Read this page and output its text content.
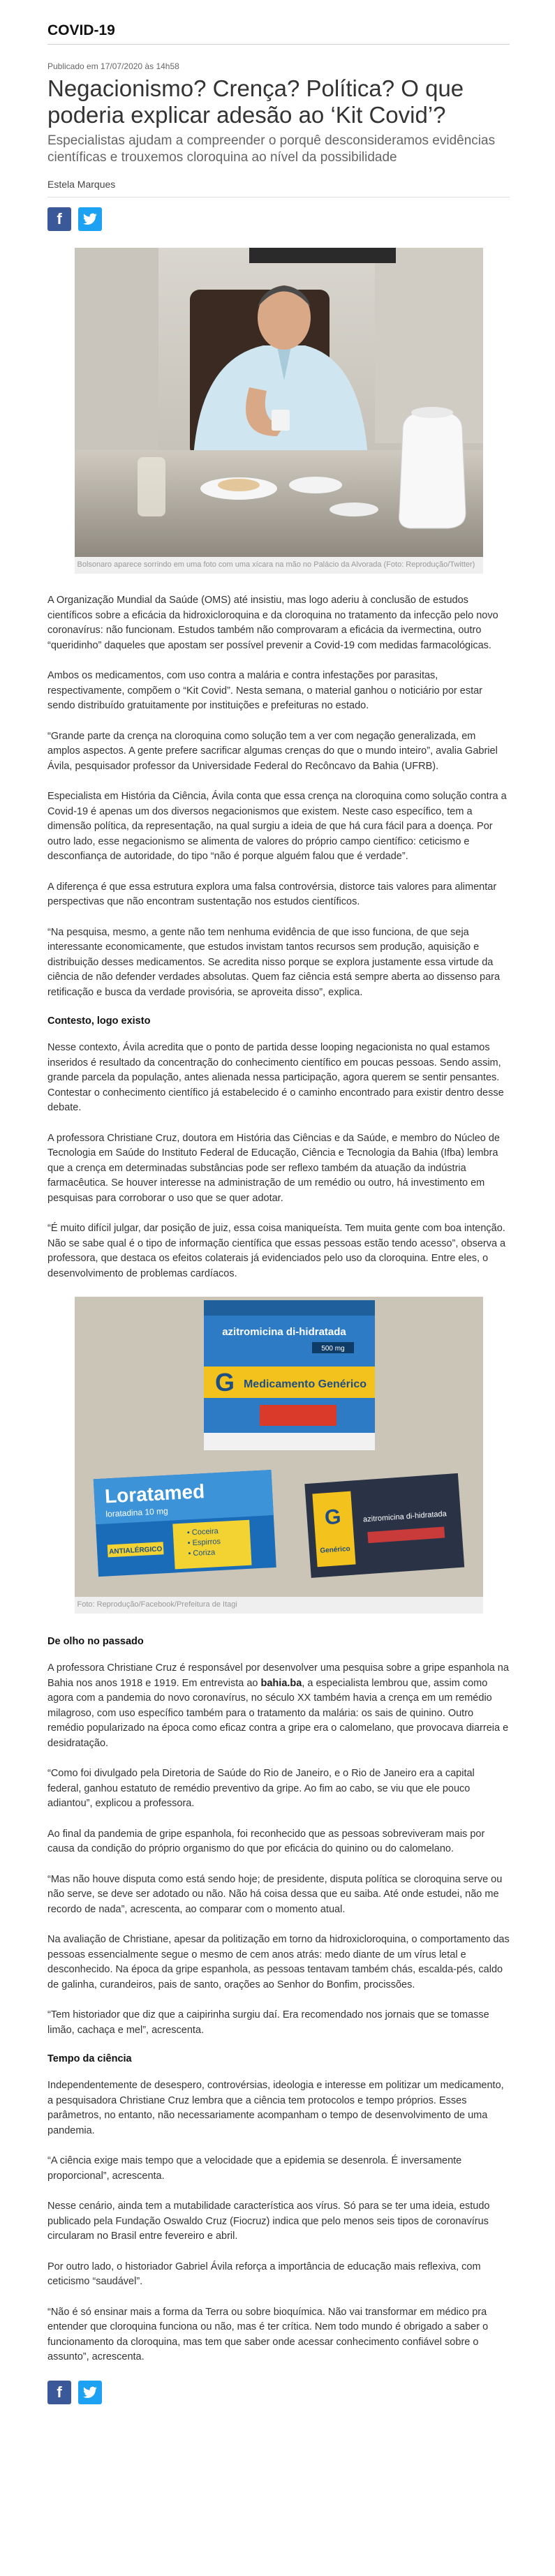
COVID-19
Publicado em 17/07/2020 às 14h58
Negacionismo? Crença? Política? O que poderia explicar adesão ao ‘Kit Covid’?
Especialistas ajudam a compreender o porquê desconsideramos evidências científicas e trouxemos cloroquina ao nível da possibilidade
Estela Marques
f
Bolsonaro aparece sorrindo em uma foto com uma xícara na mão no Palácio da Alvorada (Foto: Reprodução/Twitter)

A Organização Mundial da Saúde (OMS) até insistiu, mas logo aderiu à conclusão de estudos científicos sobre a eficácia da hidroxicloroquina e da cloroquina no tratamento da infecção pelo novo coronavírus: não funcionam. Estudos também não comprovaram a eficácia da ivermectina, outro “queridinho” daqueles que apostam ser possível prevenir a Covid-19 com medidas farmacológicas.

Ambos os medicamentos, com uso contra a malária e contra infestações por parasitas, respectivamente, compõem o “Kit Covid”. Nesta semana, o material ganhou o noticiário por estar sendo distribuído gratuitamente por instituições e prefeituras no estado.

“Grande parte da crença na cloroquina como solução tem a ver com negação generalizada, em amplos aspectos. A gente prefere sacrificar algumas crenças do que o mundo inteiro”, avalia Gabriel Ávila, pesquisador professor da Universidade Federal do Recôncavo da Bahia (UFRB).

Especialista em História da Ciência, Ávila conta que essa crença na cloroquina como solução contra a Covid-19 é apenas um dos diversos negacionismos que existem. Neste caso específico, tem a dimensão política, da representação, na qual surgiu a ideia de que há cura fácil para a doença. Por outro lado, esse negacionismo se alimenta de valores do próprio campo científico: ceticismo e desconfiança de autoridade, do tipo “não é porque alguém falou que é verdade”.

A diferença é que essa estrutura explora uma falsa controvérsia, distorce tais valores para alimentar perspectivas que não encontram sustentação nos estudos científicos.

“Na pesquisa, mesmo, a gente não tem nenhuma evidência de que isso funciona, de que seja interessante economicamente, que estudos invistam tantos recursos sem produção, aquisição e distribuição desses medicamentos. Se acredita nisso porque se explora justamente essa virtude da ciência de não defender verdades absolutas. Quem faz ciência está sempre aberta ao dissenso para retificação e busca da verdade provisória, se aproveita disso”, explica.

Contesto, logo existo

Nesse contexto, Ávila acredita que o ponto de partida desse looping negacionista no qual estamos inseridos é resultado da concentração do conhecimento científico em poucas pessoas. Sendo assim, grande parcela da população, antes alienada nessa participação, agora querem se sentir pensantes. Contestar o conhecimento científico já estabelecido é o caminho encontrado para existir dentro desse debate.

A professora Christiane Cruz, doutora em História das Ciências e da Saúde, e membro do Núcleo de Tecnologia em Saúde do Instituto Federal de Educação, Ciência e Tecnologia da Bahia (Ifba) lembra que a crença em determinadas substâncias pode ser reflexo também da atuação da indústria farmacêutica. Se houver interesse na administração de um remédio ou outro, há investimento em pesquisas para corroborar o uso que se quer adotar.

“É muito difícil julgar, dar posição de juiz, essa coisa maniqueísta. Tem muita gente com boa intenção. Não se sabe qual é o tipo de informação científica que essas pessoas estão tendo acesso”, observa a professora, que destaca os efeitos colaterais já evidenciados pelo uso da cloroquina. Entre eles, o desenvolvimento de problemas cardíacos.

azitromicina di-hidratada
500 mg
G Medicamento Genérico
Loratamed
loratadina 10 mg
• Coceira
• Espirros
• Coriza
ANTIALÉRGICO
G
Genérico
azitromicina di-hidratada
Foto: Reprodução/Facebook/Prefeitura de Itagi
De olho no passado

A professora Christiane Cruz é responsável por desenvolver uma pesquisa sobre a gripe espanhola na Bahia nos anos 1918 e 1919. Em entrevista ao bahia.ba, a especialista lembrou que, assim como agora com a pandemia do novo coronavírus, no século XX também havia a crença em um remédio milagroso, com uso específico também para o tratamento da malária: os sais de quinino. Outro remédio popularizado na época como eficaz contra a gripe era o calomelano, que provocava diarreia e desidratação.

“Como foi divulgado pela Diretoria de Saúde do Rio de Janeiro, e o Rio de Janeiro era a capital federal, ganhou estatuto de remédio preventivo da gripe. Ao fim ao cabo, se viu que ele pouco adiantou”, explicou a professora.

Ao final da pandemia de gripe espanhola, foi reconhecido que as pessoas sobreviveram mais por causa da condição do próprio organismo do que por eficácia do quinino ou do calomelano.

“Mas não houve disputa como está sendo hoje; de presidente, disputa política se cloroquina serve ou não serve, se deve ser adotado ou não. Não há coisa dessa que eu saiba. Até onde estudei, não me recordo de nada”, acrescenta, ao comparar com o momento atual.

Na avaliação de Christiane, apesar da politização em torno da hidroxicloroquina, o comportamento das pessoas essencialmente segue o mesmo de cem anos atrás: medo diante de um vírus letal e desconhecido. Na época da gripe espanhola, as pessoas tentavam também chás, escalda-pés, caldo de galinha, curandeiros, pais de santo, orações ao Senhor do Bonfim, procissões.

“Tem historiador que diz que a caipirinha surgiu daí. Era recomendado nos jornais que se tomasse limão, cachaça e mel”, acrescenta.

Tempo da ciência

Independentemente de desespero, controvérsias, ideologia e interesse em politizar um medicamento, a pesquisadora Christiane Cruz lembra que a ciência tem protocolos e tempo próprios. Esses parâmetros, no entanto, não necessariamente acompanham o tempo de desenvolvimento de uma pandemia.

“A ciência exige mais tempo que a velocidade que a epidemia se desenrola. É inversamente proporcional”, acrescenta.

Nesse cenário, ainda tem a mutabilidade característica aos vírus. Só para se ter uma ideia, estudo publicado pela Fundação Oswaldo Cruz (Fiocruz) indica que pelo menos seis tipos de coronavírus circularam no Brasil entre fevereiro e abril.

Por outro lado, o historiador Gabriel Ávila reforça a importância de educação mais reflexiva, com ceticismo “saudável”.

“Não é só ensinar mais a forma da Terra ou sobre bioquímica. Não vai transformar em médico pra entender que cloroquina funciona ou não, mas é ter crítica. Nem todo mundo é obrigado a saber o funcionamento da cloroquina, mas tem que saber onde acessar conhecimento confiável sobre o assunto”, acrescenta.

f
